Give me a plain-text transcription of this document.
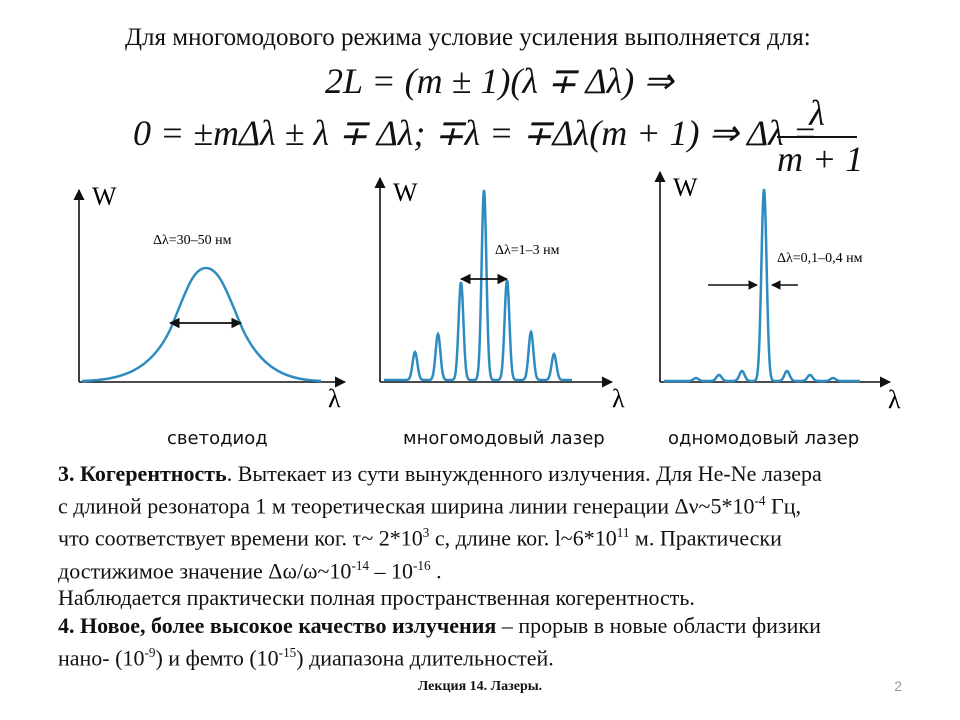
Для многомодового режима условие усиления выполняется для:
2L = (m ± 1)(λ ∓ Δλ) ⇒
0 = ±mΔλ ± λ ∓ Δλ; ∓λ = ∓Δλ(m + 1) ⇒ Δλ =
λ
m + 1
W
λ
Δλ=30–50 нм
W
λ
Δλ=1–3 нм
W
λ
Δλ=0,1–0,4 нм
светодиод	многомодовый лазер	одномодовый лазер
3. Когерентность. Вытекает из сути вынужденного излучения. Для He-Ne лазера
с длиной резонатора 1 м теоретическая ширина линии генерации $\Delta\nu\sim 5*10^{-4}$ Гц,
что соответствует времени ког. τ~ $2*10^3$ с, длине ког. $l\sim 6*10^{11}$ м. Практически
достижимое значение $\Delta\omega/\omega\sim 10^{-14} - 10^{-16}$ .
Наблюдается практически полная пространственная когерентность.
4. Новое, более высокое качество излучения – прорыв в новые области физики
нано- $(10^{-9})$ и фемто $(10^{-15})$ диапазона длительностей.
Лекция 14. Лазеры.	2
